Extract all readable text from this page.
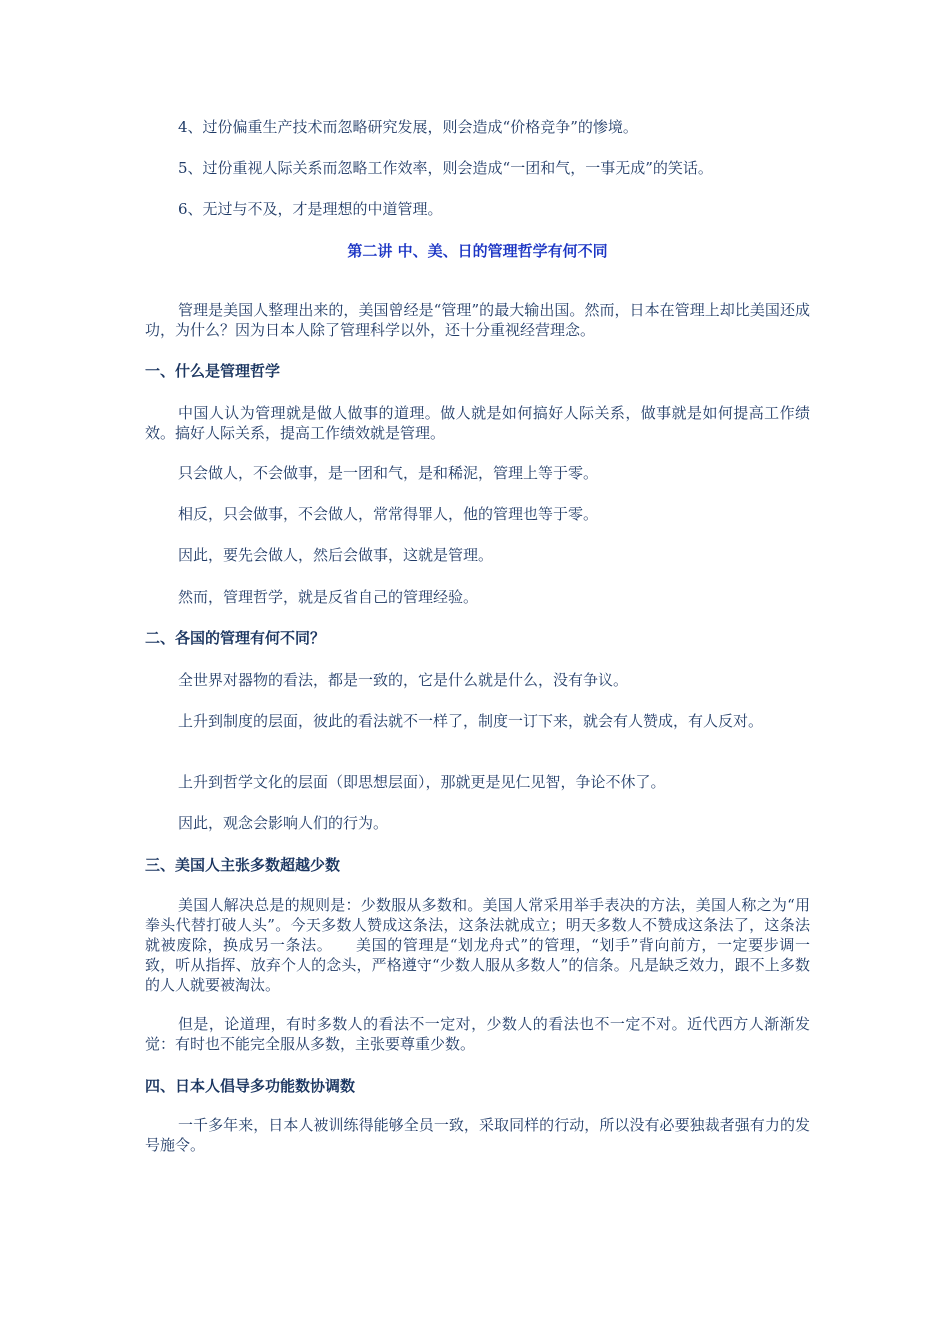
4、过份偏重生产技术而忽略研究发展，则会造成“价格竞争”的惨境。

5、过份重视人际关系而忽略工作效率，则会造成“一团和气，一事无成”的笑话。

6、无过与不及，才是理想的中道管理。

第二讲 中、美、日的管理哲学有何不同

管理是美国人整理出来的，美国曾经是“管理”的最大输出国。然而，日本在管理上却比美国还成功，为什么？因为日本人除了管理科学以外，还十分重视经营理念。

一、什么是管理哲学

中国人认为管理就是做人做事的道理。做人就是如何搞好人际关系，做事就是如何提高工作绩效。搞好人际关系，提高工作绩效就是管理。

只会做人，不会做事，是一团和气，是和稀泥，管理上等于零。

相反，只会做事，不会做人，常常得罪人，他的管理也等于零。

因此，要先会做人，然后会做事，这就是管理。

然而，管理哲学，就是反省自己的管理经验。

二、各国的管理有何不同？

全世界对器物的看法，都是一致的，它是什么就是什么，没有争议。

上升到制度的层面，彼此的看法就不一样了，制度一订下来，就会有人赞成，有人反对。

上升到哲学文化的层面（即思想层面），那就更是见仁见智，争论不休了。

因此，观念会影响人们的行为。

三、美国人主张多数超越少数

美国人解决总是的规则是：少数服从多数和。美国人常采用举手表决的方法，美国人称之为“用拳头代替打破人头”。今天多数人赞成这条法，这条法就成立；明天多数人不赞成这条法了，这条法就被废除，换成另一条法。　　美国的管理是“划龙舟式”的管理，“划手”背向前方，一定要步调一致，听从指挥、放弃个人的念头，严格遵守“少数人服从多数人”的信条。凡是缺乏效力，跟不上多数的人人就要被淘汰。

但是，论道理，有时多数人的看法不一定对，少数人的看法也不一定不对。近代西方人渐渐发觉：有时也不能完全服从多数，主张要尊重少数。

四、日本人倡导多功能数协调数

一千多年来，日本人被训练得能够全员一致，采取同样的行动，所以没有必要独裁者强有力的发号施令。
